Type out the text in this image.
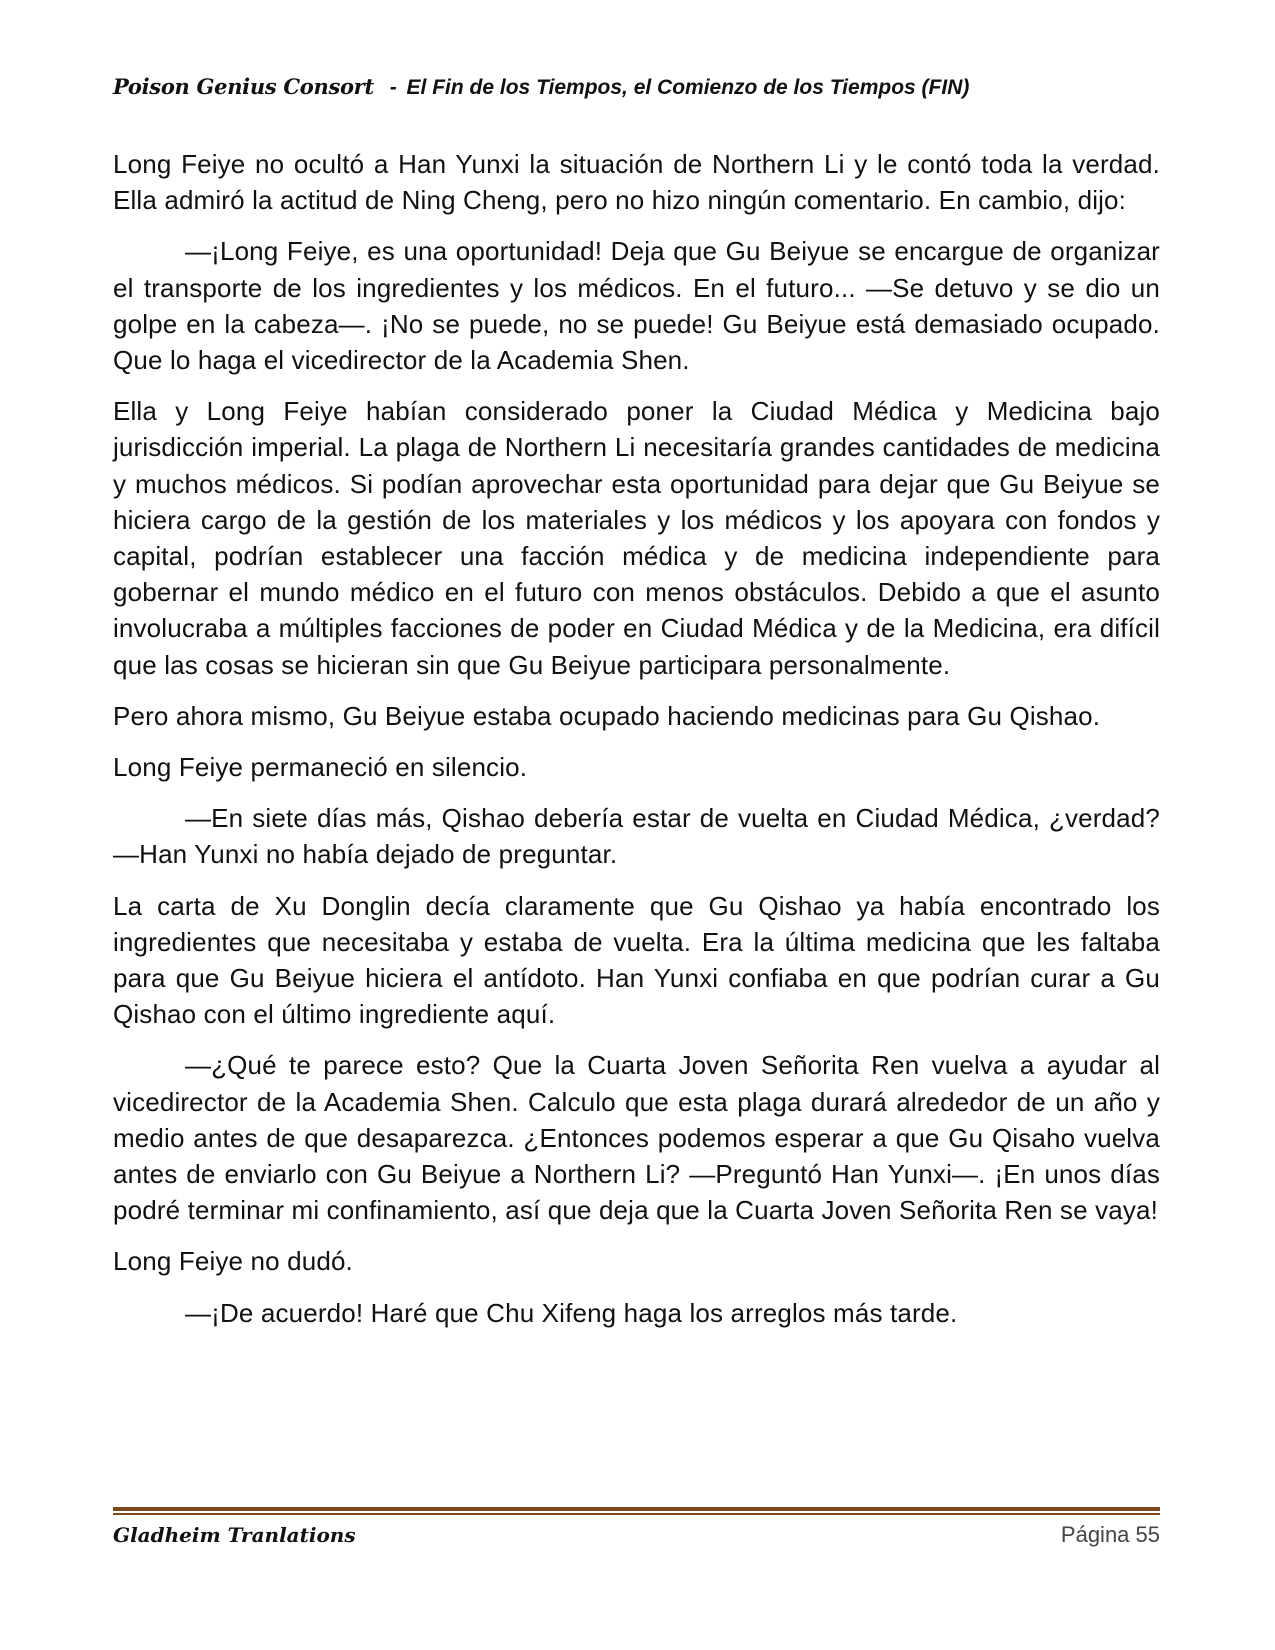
Poison Genius Consort - El Fin de los Tiempos, el Comienzo de los Tiempos (FIN)

Long Feiye no ocultó a Han Yunxi la situación de Northern Li y le contó toda la verdad. Ella admiró la actitud de Ning Cheng, pero no hizo ningún comentario. En cambio, dijo:

—¡Long Feiye, es una oportunidad! Deja que Gu Beiyue se encargue de organizar el transporte de los ingredientes y los médicos. En el futuro... —Se detuvo y se dio un golpe en la cabeza—. ¡No se puede, no se puede! Gu Beiyue está demasiado ocupado. Que lo haga el vicedirector de la Academia Shen.

Ella y Long Feiye habían considerado poner la Ciudad Médica y Medicina bajo jurisdicción imperial. La plaga de Northern Li necesitaría grandes cantidades de medicina y muchos médicos. Si podían aprovechar esta oportunidad para dejar que Gu Beiyue se hiciera cargo de la gestión de los materiales y los médicos y los apoyara con fondos y capital, podrían establecer una facción médica y de medicina independiente para gobernar el mundo médico en el futuro con menos obstáculos. Debido a que el asunto involucraba a múltiples facciones de poder en Ciudad Médica y de la Medicina, era difícil que las cosas se hicieran sin que Gu Beiyue participara personalmente.

Pero ahora mismo, Gu Beiyue estaba ocupado haciendo medicinas para Gu Qishao.

Long Feiye permaneció en silencio.

—En siete días más, Qishao debería estar de vuelta en Ciudad Médica, ¿verdad? —Han Yunxi no había dejado de preguntar.

La carta de Xu Donglin decía claramente que Gu Qishao ya había encontrado los ingredientes que necesitaba y estaba de vuelta. Era la última medicina que les faltaba para que Gu Beiyue hiciera el antídoto. Han Yunxi confiaba en que podrían curar a Gu Qishao con el último ingrediente aquí.

—¿Qué te parece esto? Que la Cuarta Joven Señorita Ren vuelva a ayudar al vicedirector de la Academia Shen. Calculo que esta plaga durará alrededor de un año y medio antes de que desaparezca. ¿Entonces podemos esperar a que Gu Qisaho vuelva antes de enviarlo con Gu Beiyue a Northern Li? —Preguntó Han Yunxi—. ¡En unos días podré terminar mi confinamiento, así que deja que la Cuarta Joven Señorita Ren se vaya!

Long Feiye no dudó.

—¡De acuerdo! Haré que Chu Xifeng haga los arreglos más tarde.

Gladheim Tranlations	Página 55
